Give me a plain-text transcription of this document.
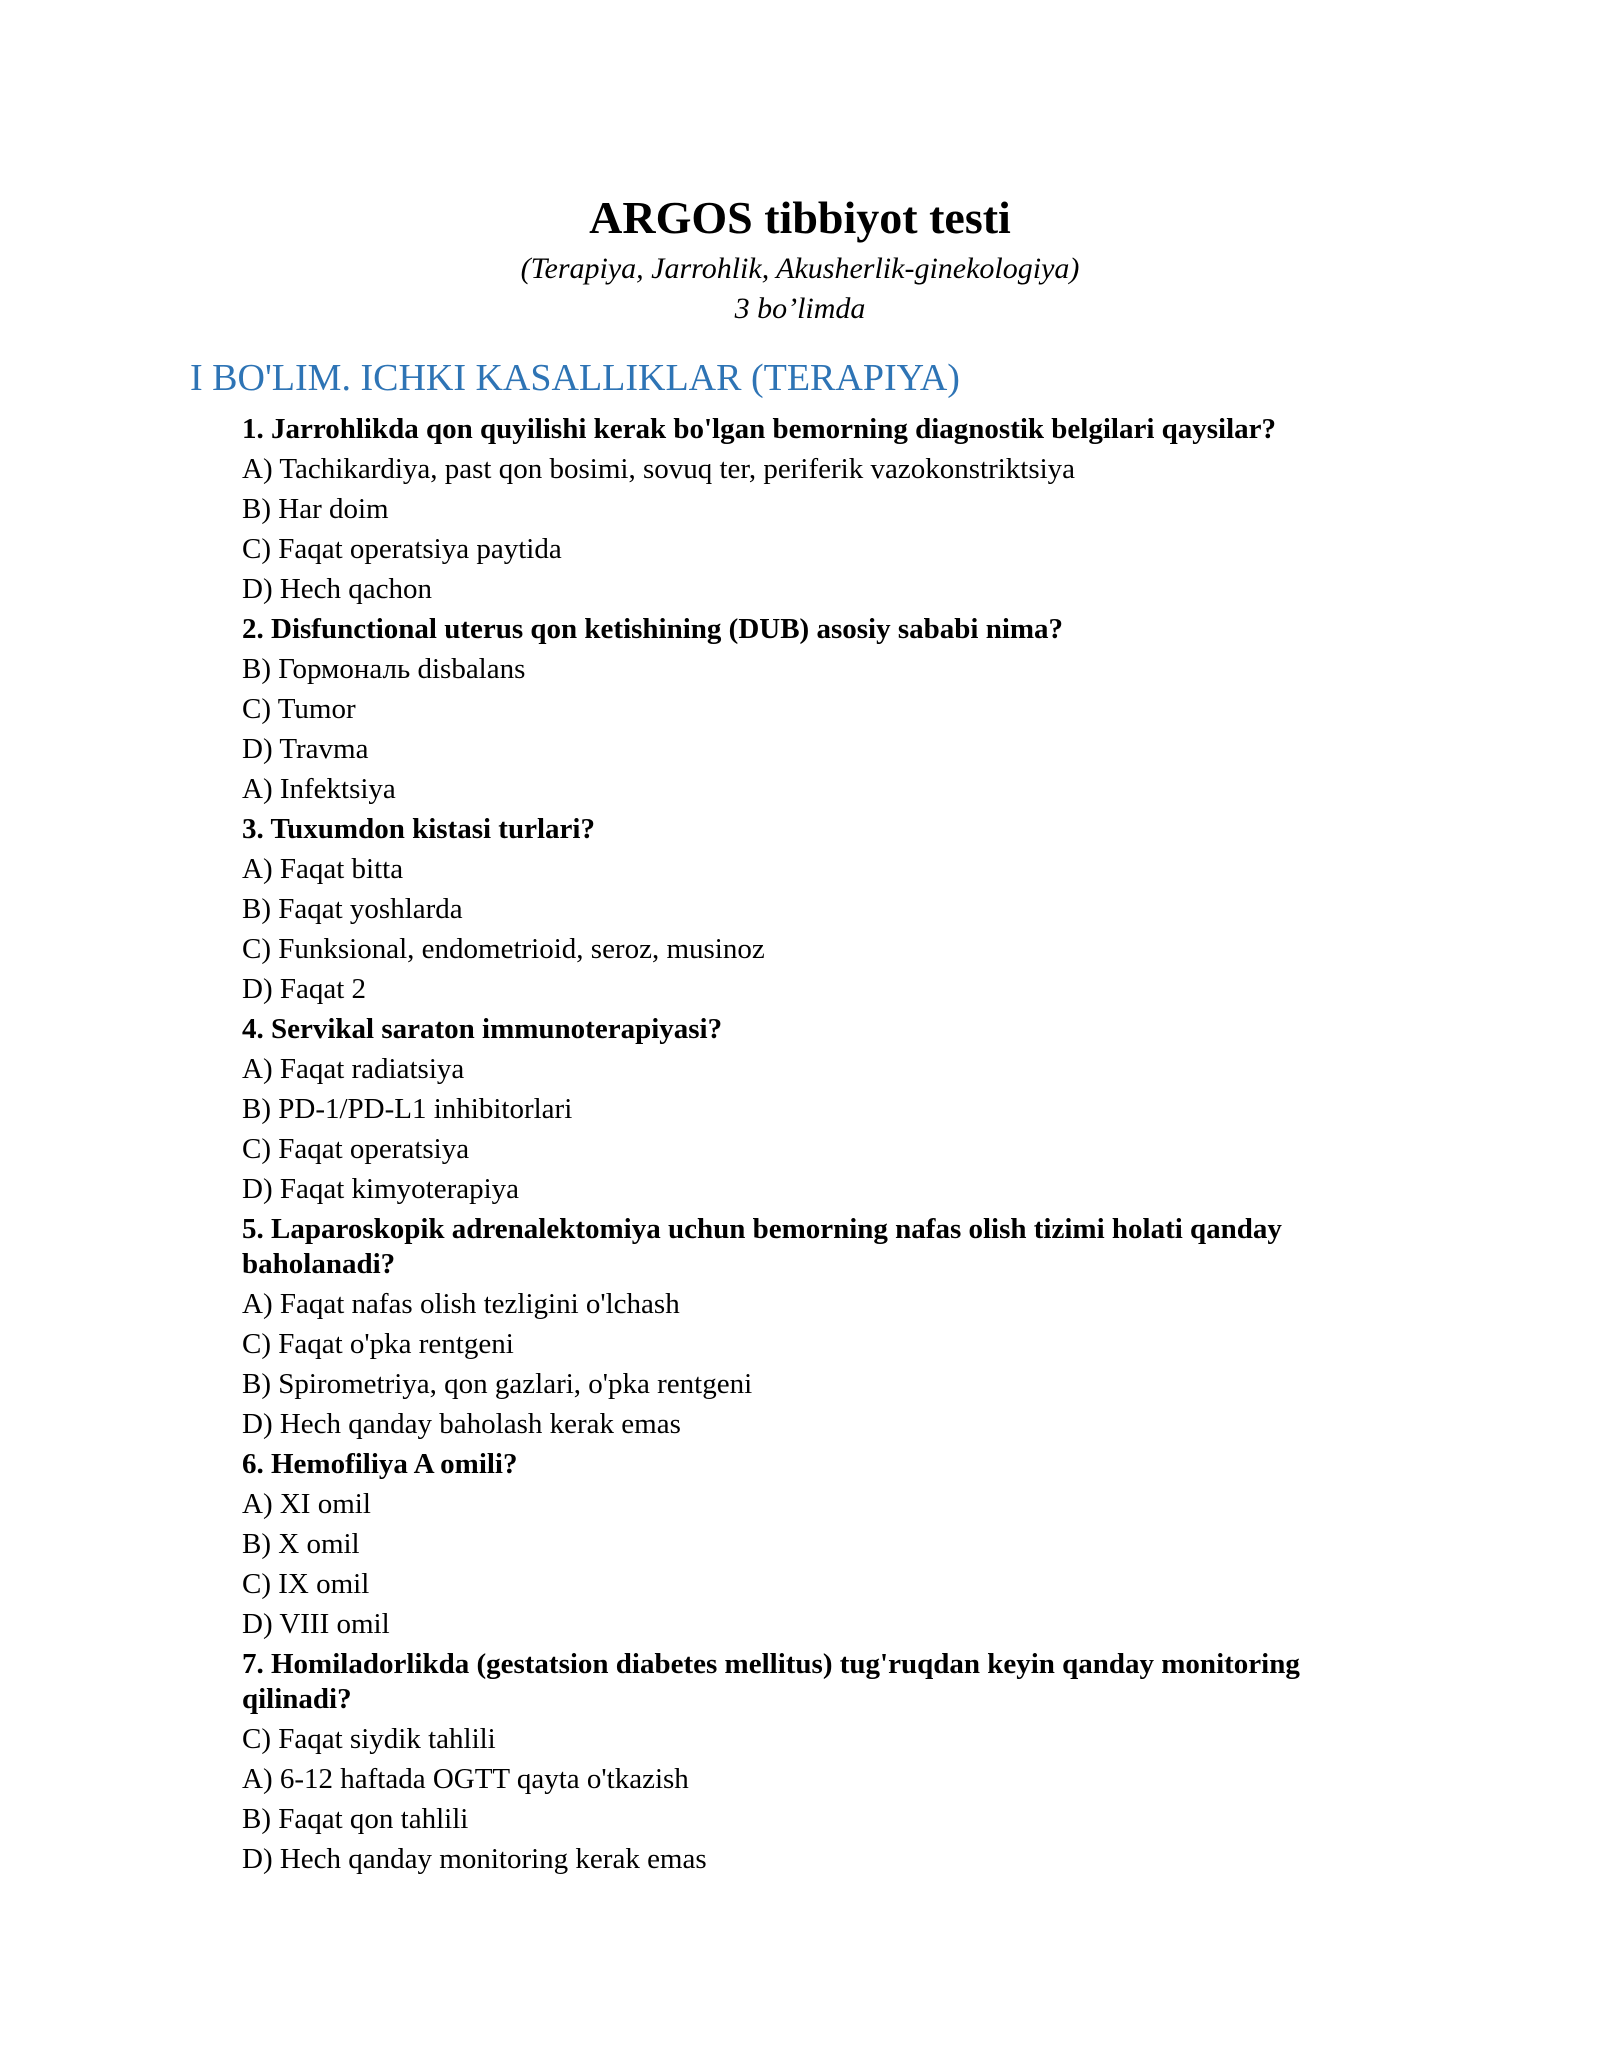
ARGOS tibbiyot testi
(Terapiya, Jarrohlik, Akusherlik-ginekologiya)
3 bo’limda
I BO'LIM. ICHKI KASALLIKLAR (TERAPIYA)
1. Jarrohlikda qon quyilishi kerak bo'lgan bemorning diagnostik belgilari qaysilar?
A) Tachikardiya, past qon bosimi, sovuq ter, periferik vazokonstriktsiya
B) Har doim
C) Faqat operatsiya paytida
D) Hech qachon
2. Disfunctional uterus qon ketishining (DUB) asosiy sababi nima?
B) Гормональ disbalans
C) Tumor
D) Travma
A) Infektsiya
3. Tuxumdon kistasi turlari?
A) Faqat bitta
B) Faqat yoshlarda
C) Funksional, endometrioid, seroz, musinoz
D) Faqat 2
4. Servikal saraton immunoterapiyasi?
A) Faqat radiatsiya
B) PD-1/PD-L1 inhibitorlari
C) Faqat operatsiya
D) Faqat kimyoterapiya
5. Laparoskopik adrenalektomiya uchun bemorning nafas olish tizimi holati qanday baholanadi?
A) Faqat nafas olish tezligini o'lchash
C) Faqat o'pka rentgeni
B) Spirometriya, qon gazlari, o'pka rentgeni
D) Hech qanday baholash kerak emas
6. Hemofiliya A omili?
A) XI omil
B) X omil
C) IX omil
D) VIII omil
7. Homiladorlikda (gestatsion diabetes mellitus) tug'ruqdan keyin qanday monitoring qilinadi?
C) Faqat siydik tahlili
A) 6-12 haftada OGTT qayta o'tkazish
B) Faqat qon tahlili
D) Hech qanday monitoring kerak emas
